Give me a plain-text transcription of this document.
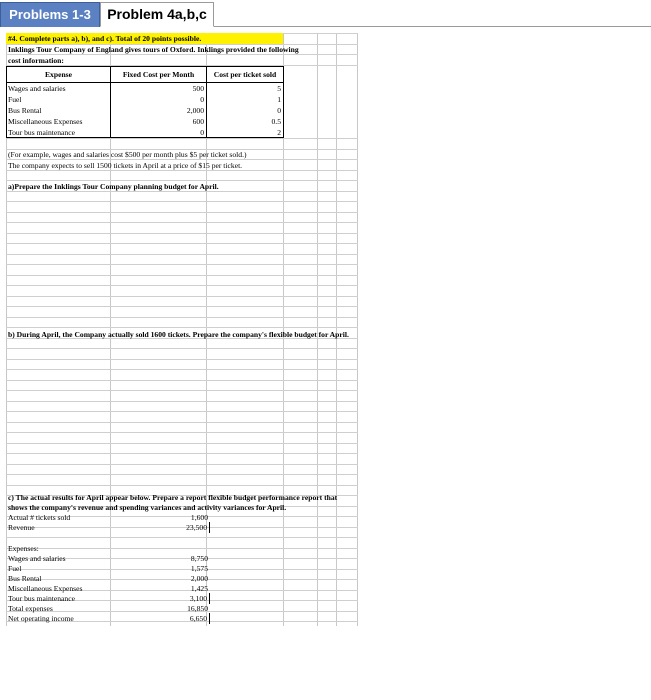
Problems 1-3	Problem 4a,b,c
#4. Complete parts a), b), and c). Total of 20 points possible.
Inklings Tour Company of England gives tours of Oxford. Inklings provided the following
cost information:
Expense	Fixed Cost per Month	Cost per ticket sold
Wages and salaries	500	5
Fuel	0	1
Bus Rental	2,000	0
Miscellaneous Expenses	600	0.5
Tour bus maintenance	0	2
(For example, wages and salaries cost $500 per month plus $5 per ticket sold.)
The company expects to sell 1500 tickets in April at a price of $15 per ticket.
a)Prepare the Inklings Tour Company planning budget for April.
b) During April, the Company actually sold 1600 tickets. Prepare the company's flexible budget for April.
c) The actual results for April appear below. Prepare a report flexible budget performance report that
shows the company's revenue and spending variances and activity variances for April.
Actual # tickets sold	1,600
Revenue	23,500
Expenses:
Wages and salaries	8,750
Fuel	1,575
Bus Rental	2,000
Miscellaneous Expenses	1,425
Tour bus maintenance	3,100
Total expenses	16,850
Net operating income	6,650
